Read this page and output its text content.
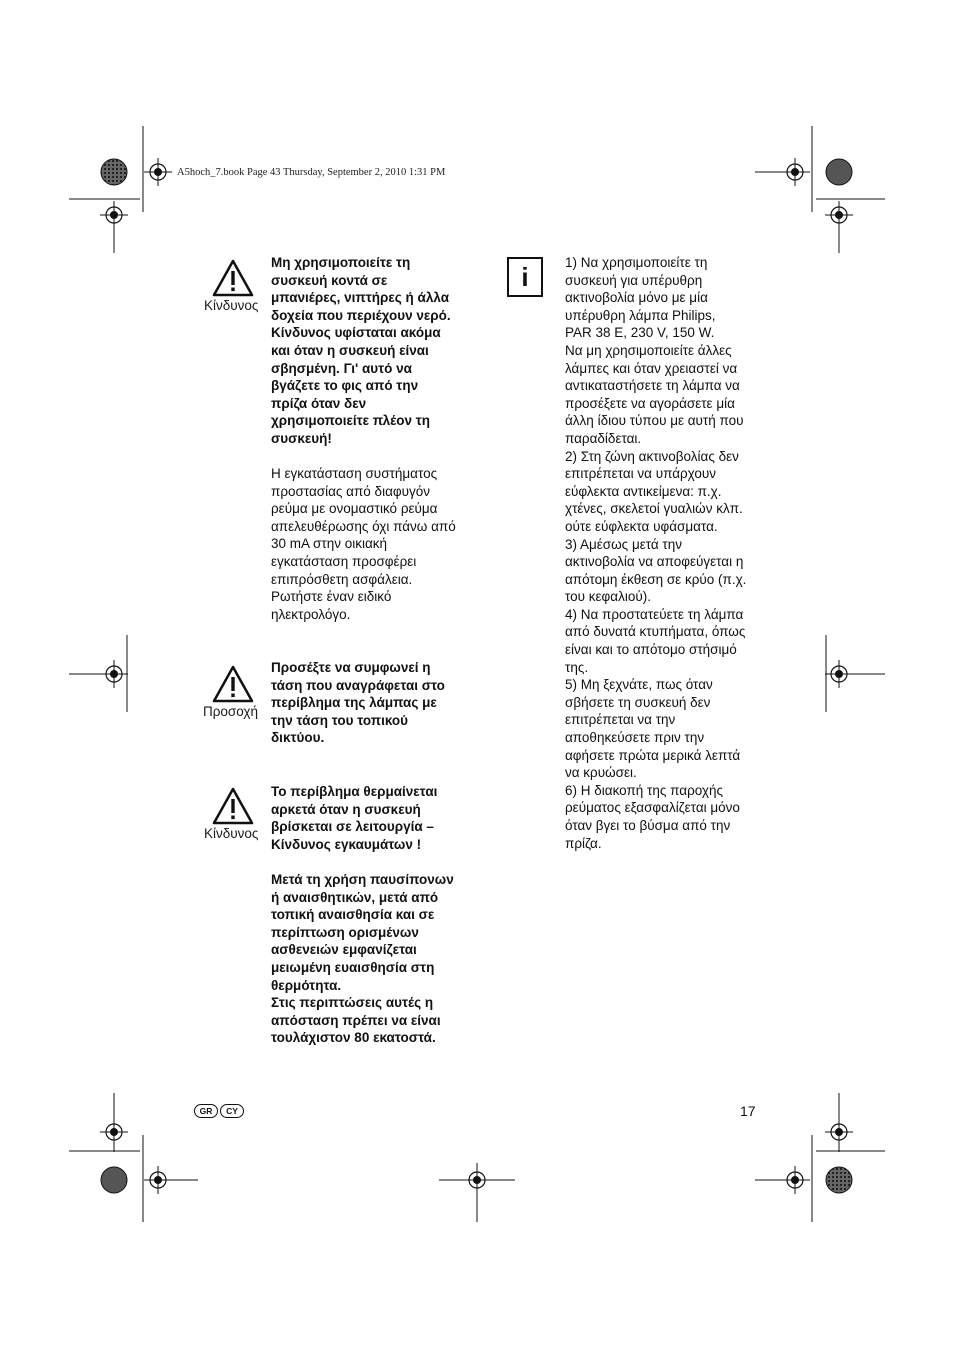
A5hoch_7.book Page 43 Thursday, September 2, 2010 1:31 PM
Κίνδυνος
Μη χρησιμοποιείτε τη
συσκευή κοντά σε
μπανιέρες, νιπτήρες ή άλλα
δοχεία που περιέχουν νερό.
Κίνδυνος υφίσταται ακόμα
και όταν η συσκευή είναι
σβησμένη. Γι' αυτό να
βγάζετε το φις από την
πρίζα όταν δεν
χρησιμοποιείτε πλέον τη
συσκευή!
Η εγκατάσταση συστήματος
προστασίας από διαφυγόν
ρεύμα με ονομαστικό ρεύμα
απελευθέρωσης όχι πάνω από
30 mA στην οικιακή
εγκατάσταση προσφέρει
επιπρόσθετη ασφάλεια.
Ρωτήστε έναν ειδικό
ηλεκτρολόγο.
Προσοχή
Προσέξτε να συμφωνεί η
τάση που αναγράφεται στο
περίβλημα της λάμπας με
την τάση του τοπικού
δικτύου.
Κίνδυνος
Το περίβλημα θερμαίνεται
αρκετά όταν η συσκευή
βρίσκεται σε λειτουργία –
Κίνδυνος εγκαυμάτων !
Μετά τη χρήση παυσίπονων
ή αναισθητικών, μετά από
τοπική αναισθησία και σε
περίπτωση ορισμένων
ασθενειών εμφανίζεται
μειωμένη ευαισθησία στη
θερμότητα.
Στις περιπτώσεις αυτές η
απόσταση πρέπει να είναι
τουλάχιστον 80 εκατοστά.
i	1) Να χρησιμοποιείτε τη
συσκευή για υπέρυθρη
ακτινοβολία μόνο με μία
υπέρυθρη λάμπα Philips,
PAR 38 E, 230 V, 150 W.
Να μη χρησιμοποιείτε άλλες
λάμπες και όταν χρειαστεί να
αντικαταστήσετε τη λάμπα να
προσέξετε να αγοράσετε μία
άλλη ίδιου τύπου με αυτή που
παραδίδεται.
2) Στη ζώνη ακτινοβολίας δεν
επιτρέπεται να υπάρχουν
εύφλεκτα αντικείμενα: π.χ.
χτένες, σκελετοί γυαλιών κλπ.
ούτε εύφλεκτα υφάσματα.
3) Αμέσως μετά την
ακτινοβολία να αποφεύγεται η
απότομη έκθεση σε κρύο (π.χ.
του κεφαλιού).
4) Να προστατεύετε τη λάμπα
από δυνατά κτυπήματα, όπως
είναι και το απότομο στήσιμό
της.
5) Μη ξεχνάτε, πως όταν
σβήσετε τη συσκευή δεν
επιτρέπεται να την
αποθηκεύσετε πριν την
αφήσετε πρώτα μερικά λεπτά
να κρυώσει.
6) Η διακοπή της παροχής
ρεύματος εξασφαλίζεται μόνο
όταν βγει το βύσμα από την
πρίζα.
GR	CY	17
